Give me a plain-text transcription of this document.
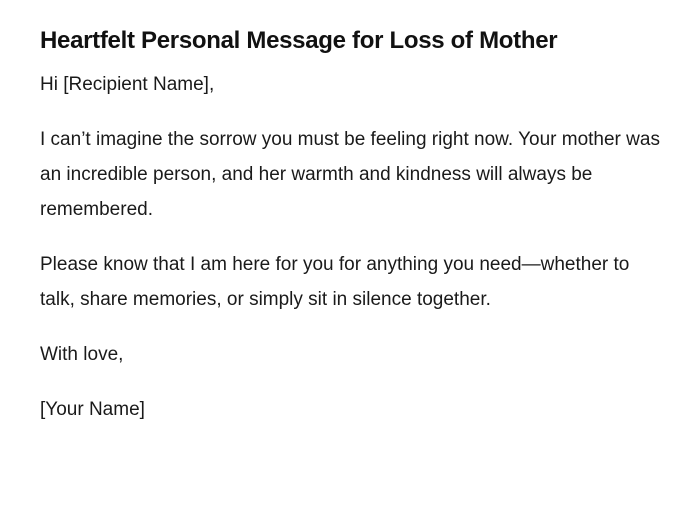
Heartfelt Personal Message for Loss of Mother

Hi [Recipient Name],

I can’t imagine the sorrow you must be feeling right now. Your mother was an incredible person, and her warmth and kindness will always be remembered.

Please know that I am here for you for anything you need—whether to talk, share memories, or simply sit in silence together.

With love,

[Your Name]
